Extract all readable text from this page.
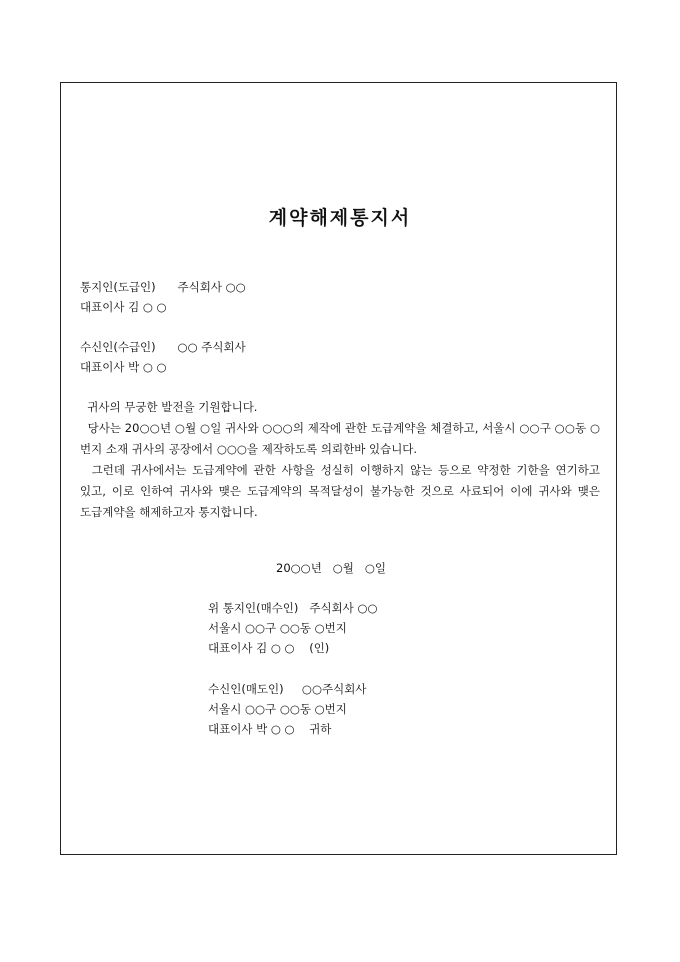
계약해제통지서
통지인(도급인)      주식회사 ○○
대표이사 김 ○ ○
수신인(수급인)      ○○ 주식회사
대표이사 박 ○ ○
귀사의 무궁한 발전을 기원합니다.
당사는 20○○년 ○월 ○일 귀사와 ○○○의 제작에 관한 도급계약을 체결하고, 서울시 ○○구 ○○동 ○번지 소재 귀사의 공장에서 ○○○을 제작하도록 의뢰한바 있습니다.
그런데 귀사에서는 도급계약에 관한 사항을 성실히 이행하지 않는 등으로 약정한 기한을 연기하고 있고, 이로 인하여 귀사와 맺은 도급계약의 목적달성이 불가능한 것으로 사료되어 이에 귀사와 맺은 도급계약을 해제하고자 통지합니다.
20○○년   ○월   ○일
위 통지인(매수인)   주식회사 ○○
서울시 ○○구 ○○동 ○번지
대표이사 김 ○ ○    (인)
수신인(매도인)     ○○주식회사
서울시 ○○구 ○○동 ○번지
대표이사 박 ○ ○    귀하
